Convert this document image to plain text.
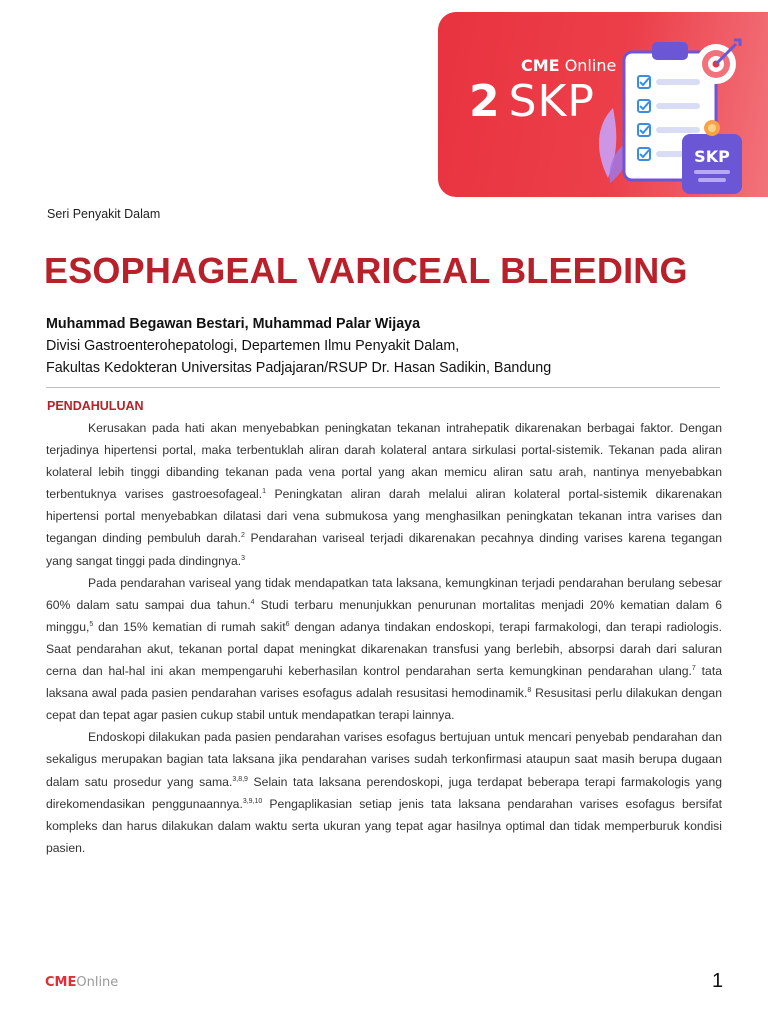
CME Online
2 SKP
SKP
Seri Penyakit Dalam
ESOPHAGEAL VARICEAL BLEEDING
Muhammad Begawan Bestari, Muhammad Palar Wijaya
Divisi Gastroenterohepatologi, Departemen Ilmu Penyakit Dalam,
Fakultas Kedokteran Universitas Padjajaran/RSUP Dr. Hasan Sadikin, Bandung
PENDAHULUAN

Kerusakan pada hati akan menyebabkan peningkatan tekanan intrahepatik dikarenakan berbagai faktor. Dengan terjadinya hipertensi portal, maka terbentuklah aliran darah kolateral antara sirkulasi portal-sistemik. Tekanan pada aliran kolateral lebih tinggi dibanding tekanan pada vena portal yang akan memicu aliran satu arah, nantinya menyebabkan terbentuknya varises gastroesofageal.$^1$ Peningkatan aliran darah melalui aliran kolateral portal-sistemik dikarenakan hipertensi portal menyebabkan dilatasi dari vena submukosa yang menghasilkan peningkatan tekanan intra varises dan tegangan dinding pembuluh darah.$^2$ Pendarahan variseal terjadi dikarenakan pecahnya dinding varises karena tegangan yang sangat tinggi pada dindingnya.$^3$

Pada pendarahan variseal yang tidak mendapatkan tata laksana, kemungkinan terjadi pendarahan berulang sebesar 60% dalam satu sampai dua tahun.$^4$ Studi terbaru menunjukkan penurunan mortalitas menjadi 20% kematian dalam 6 minggu,$^5$ dan 15% kematian di rumah sakit$^6$ dengan adanya tindakan endoskopi, terapi farmakologi, dan terapi radiologis. Saat pendarahan akut, tekanan portal dapat meningkat dikarenakan transfusi yang berlebih, absorpsi darah dari saluran cerna dan hal-hal ini akan mempengaruhi keberhasilan kontrol pendarahan serta kemungkinan pendarahan ulang.$^7$ tata laksana awal pada pasien pendarahan varises esofagus adalah resusitasi hemodinamik.$^8$ Resusitasi perlu dilakukan dengan cepat dan tepat agar pasien cukup stabil untuk mendapatkan terapi lainnya.

Endoskopi dilakukan pada pasien pendarahan varises esofagus bertujuan untuk mencari penyebab pendarahan dan sekaligus merupakan bagian tata laksana jika pendarahan varises sudah terkonfirmasi ataupun saat masih berupa dugaan dalam satu prosedur yang sama.$^{3,8,9}$ Selain tata laksana perendoskopi, juga terdapat beberapa terapi farmakologis yang direkomendasikan penggunaannya.$^{3,9,10}$ Pengaplikasian setiap jenis tata laksana pendarahan varises esofagus bersifat kompleks dan harus dilakukan dalam waktu serta ukuran yang tepat agar hasilnya optimal dan tidak memperburuk kondisi pasien.

CMEOnline	1
